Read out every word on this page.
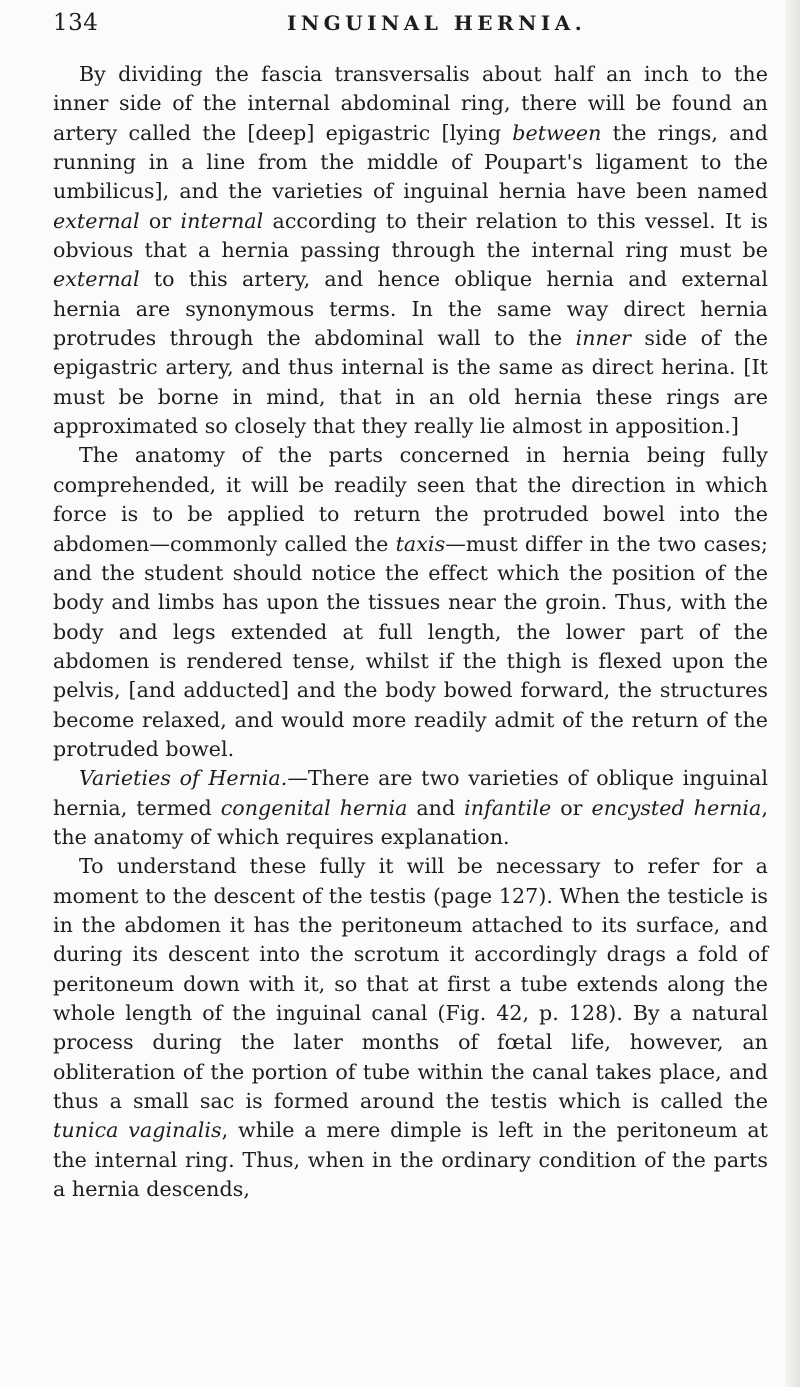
134	INGUINAL HERNIA.

By dividing the fascia transversalis about half an inch to the inner side of the internal abdominal ring, there will be found an artery called the [deep] epigastric [lying between the rings, and running in a line from the middle of Poupart's ligament to the umbilicus], and the varieties of inguinal hernia have been named external or internal according to their relation to this vessel. It is obvious that a hernia passing through the internal ring must be external to this artery, and hence oblique hernia and external hernia are synonymous terms. In the same way direct hernia protrudes through the abdominal wall to the inner side of the epigastric artery, and thus internal is the same as direct herina. [It must be borne in mind, that in an old hernia these rings are approximated so closely that they really lie almost in apposition.]

The anatomy of the parts concerned in hernia being fully comprehended, it will be readily seen that the direction in which force is to be applied to return the protruded bowel into the abdomen—commonly called the taxis—must differ in the two cases; and the student should notice the effect which the position of the body and limbs has upon the tissues near the groin. Thus, with the body and legs extended at full length, the lower part of the abdomen is rendered tense, whilst if the thigh is flexed upon the pelvis, [and adducted] and the body bowed forward, the structures become relaxed, and would more readily admit of the return of the protruded bowel.

Varieties of Hernia.—There are two varieties of oblique inguinal hernia, termed congenital hernia and infantile or encysted hernia, the anatomy of which requires explanation.

To understand these fully it will be necessary to refer for a moment to the descent of the testis (page 127). When the testicle is in the abdomen it has the peritoneum attached to its surface, and during its descent into the scrotum it accordingly drags a fold of peritoneum down with it, so that at first a tube extends along the whole length of the inguinal canal (Fig. 42, p. 128). By a natural process during the later months of fœtal life, however, an obliteration of the portion of tube within the canal takes place, and thus a small sac is formed around the testis which is called the tunica vaginalis, while a mere dimple is left in the peritoneum at the internal ring. Thus, when in the ordinary condition of the parts a hernia descends,
